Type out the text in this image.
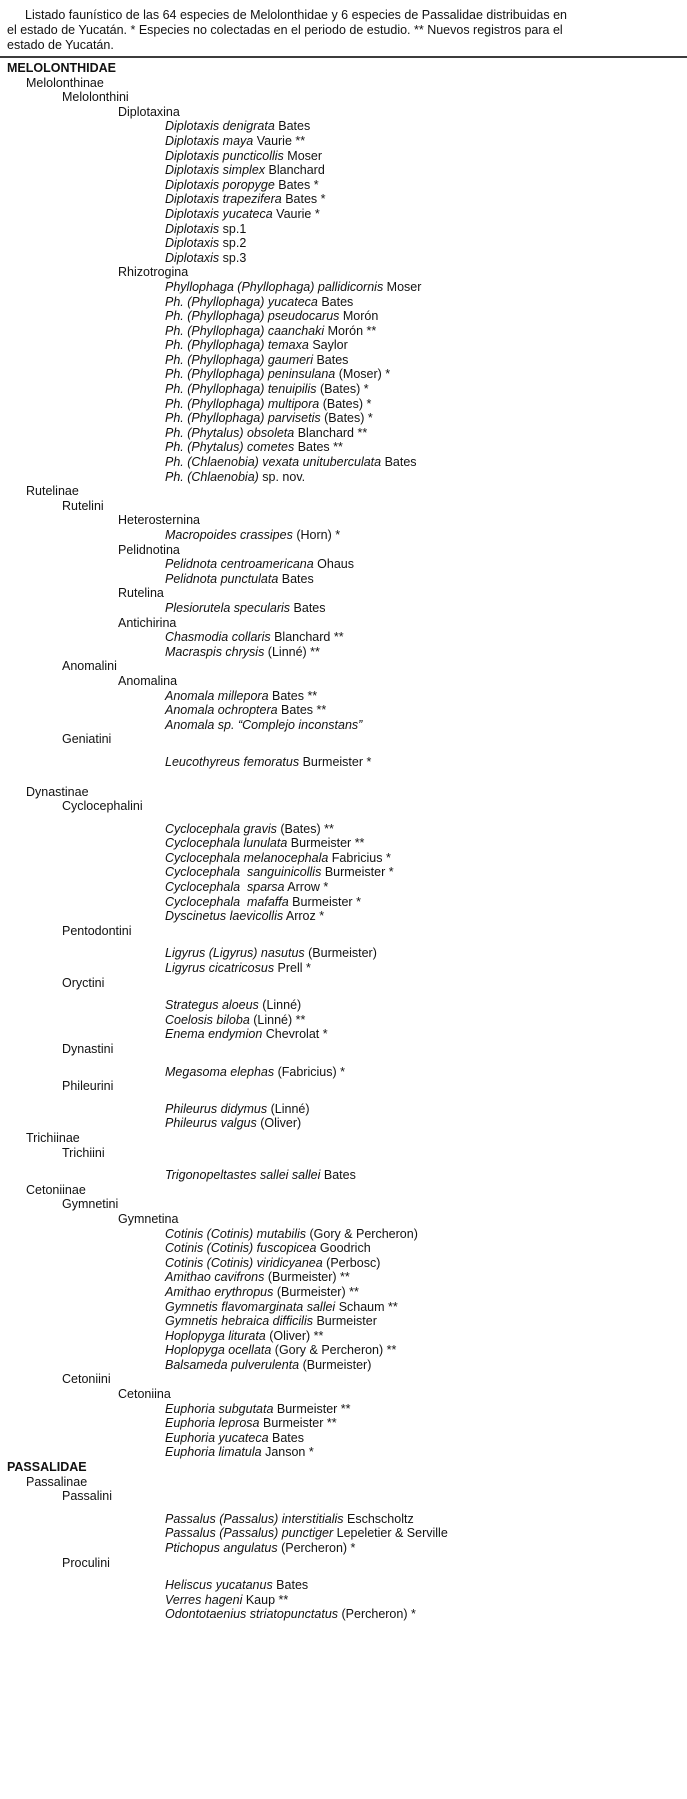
Listado faunístico de las 64 especies de Melolonthidae y 6 especies de Passalidae distribuidas en
el estado de Yucatán. * Especies no colectadas en el periodo de estudio. ** Nuevos registros para el
estado de Yucatán.
MELOLONTHIDAE
Melolonthinae
Melolonthini
Diplotaxina
Diplotaxis denigrata Bates
Diplotaxis maya Vaurie **
Diplotaxis puncticollis Moser
Diplotaxis simplex Blanchard
Diplotaxis poropyge Bates *
Diplotaxis trapezifera Bates *
Diplotaxis yucateca Vaurie *
Diplotaxis sp.1
Diplotaxis sp.2
Diplotaxis sp.3
Rhizotrogina
Phyllophaga (Phyllophaga) pallidicornis Moser
Ph. (Phyllophaga) yucateca Bates
Ph. (Phyllophaga) pseudocarus Morón
Ph. (Phyllophaga) caanchaki Morón **
Ph. (Phyllophaga) temaxa Saylor
Ph. (Phyllophaga) gaumeri Bates
Ph. (Phyllophaga) peninsulana (Moser) *
Ph. (Phyllophaga) tenuipilis (Bates) *
Ph. (Phyllophaga) multipora (Bates) *
Ph. (Phyllophaga) parvisetis (Bates) *
Ph. (Phytalus) obsoleta Blanchard **
Ph. (Phytalus) cometes Bates **
Ph. (Chlaenobia) vexata unituberculata Bates
Ph. (Chlaenobia) sp. nov.
Rutelinae
Rutelini
Heterosternina
Macropoides crassipes (Horn) *
Pelidnotina
Pelidnota centroamericana Ohaus
Pelidnota punctulata Bates
Rutelina
Plesiorutela specularis Bates
Antichirina
Chasmodia collaris Blanchard **
Macraspis chrysis (Linné) **
Anomalini
Anomalina
Anomala millepora Bates **
Anomala ochroptera Bates **
Anomala sp. “Complejo inconstans”
Geniatini
Leucothyreus femoratus Burmeister *
Dynastinae
Cyclocephalini
Cyclocephala gravis (Bates) **
Cyclocephala lunulata Burmeister **
Cyclocephala melanocephala Fabricius *
Cyclocephala  sanguinicollis Burmeister *
Cyclocephala  sparsa Arrow *
Cyclocephala  mafaffa Burmeister *
Dyscinetus laevicollis Arroz *
Pentodontini
Ligyrus (Ligyrus) nasutus (Burmeister)
Ligyrus cicatricosus Prell *
Oryctini
Strategus aloeus (Linné)
Coelosis biloba (Linné) **
Enema endymion Chevrolat *
Dynastini
Megasoma elephas (Fabricius) *
Phileurini
Phileurus didymus (Linné)
Phileurus valgus (Oliver)
Trichiinae
Trichiini
Trigonopeltastes sallei sallei Bates
Cetoniinae
Gymnetini
Gymnetina
Cotinis (Cotinis) mutabilis (Gory & Percheron)
Cotinis (Cotinis) fuscopicea Goodrich
Cotinis (Cotinis) viridicyanea (Perbosc)
Amithao cavifrons (Burmeister) **
Amithao erythropus (Burmeister) **
Gymnetis flavomarginata sallei Schaum **
Gymnetis hebraica difficilis Burmeister
Hoplopyga liturata (Oliver) **
Hoplopyga ocellata (Gory & Percheron) **
Balsameda pulverulenta (Burmeister)
Cetoniini
Cetoniina
Euphoria subgutata Burmeister **
Euphoria leprosa Burmeister **
Euphoria yucateca Bates
Euphoria limatula Janson *
PASSALIDAE
Passalinae
Passalini
Passalus (Passalus) interstitialis Eschscholtz
Passalus (Passalus) punctiger Lepeletier & Serville
Ptichopus angulatus (Percheron) *
Proculini
Heliscus yucatanus Bates
Verres hageni Kaup **
Odontotaenius striatopunctatus (Percheron) *
